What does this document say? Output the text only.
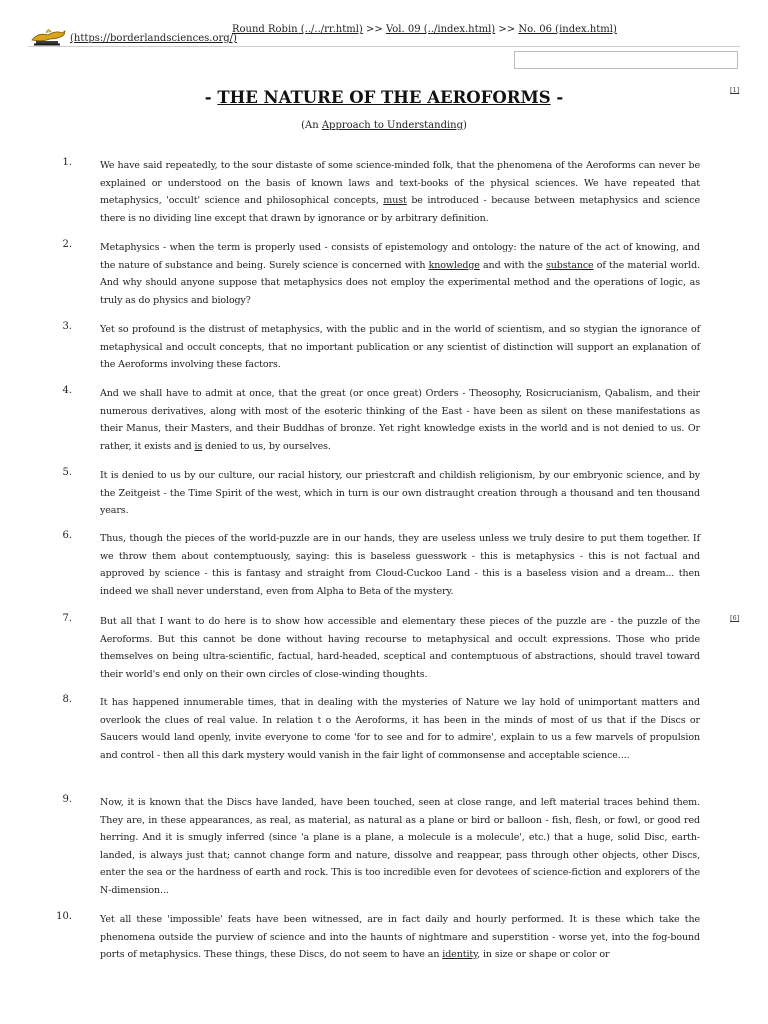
(https://borderlandsciences.org/)
Round Robin (../../rr.html) >> Vol. 09 (../index.html) >> No. 06 (index.html)
[1]
[6]
- THE NATURE OF THE AEROFORMS -
(An Approach to Understanding)
1.	We have said repeatedly, to the sour distaste of some science-minded folk, that the phenomena of the Aeroforms can never be explained or understood on the basis of known laws and text-books of the physical sciences. We have repeated that metaphysics, 'occult' science and philosophical concepts, must be introduced - because between metaphysics and science there is no dividing line except that drawn by ignorance or by arbitrary definition.
2.	Metaphysics - when the term is properly used - consists of epistemology and ontology: the nature of the act of knowing, and the nature of substance and being. Surely science is concerned with knowledge and with the substance of the material world. And why should anyone suppose that metaphysics does not employ the experimental method and the operations of logic, as truly as do physics and biology?
3.	Yet so profound is the distrust of metaphysics, with the public and in the world of scientism, and so stygian the ignorance of metaphysical and occult concepts, that no important publication or any scientist of distinction will support an explanation of the Aeroforms involving these factors.
4.	And we shall have to admit at once, that the great (or once great) Orders - Theosophy, Rosicrucianism, Qabalism, and their numerous derivatives, along with most of the esoteric thinking of the East - have been as silent on these manifestations as their Manus, their Masters, and their Buddhas of bronze. Yet right knowledge exists in the world and is not denied to us. Or rather, it exists and is denied to us, by ourselves.
5.	It is denied to us by our culture, our racial history, our priestcraft and childish religionism, by our embryonic science, and by the Zeitgeist - the Time Spirit of the west, which in turn is our own distraught creation through a thousand and ten thousand years.
6.	Thus, though the pieces of the world-puzzle are in our hands, they are useless unless we truly desire to put them together. If we throw them about contemptuously, saying: this is baseless guesswork - this is metaphysics - this is not factual and approved by science - this is fantasy and straight from Cloud-Cuckoo Land - this is a baseless vision and a dream... then indeed we shall never understand, even from Alpha to Beta of the mystery.
7.	But all that I want to do here is to show how accessible and elementary these pieces of the puzzle are - the puzzle of the Aeroforms. But this cannot be done without having recourse to metaphysical and occult expressions. Those who pride themselves on being ultra-scientific, factual, hard-headed, sceptical and contemptuous of abstractions, should travel toward their world's end only on their own circles of close-winding thoughts.
8.	It has happened innumerable times, that in dealing with the mysteries of Nature we lay hold of unimportant matters and overlook the clues of real value. In relation t o the Aeroforms, it has been in the minds of most of us that if the Discs or Saucers would land openly, invite everyone to come 'for to see and for to admire', explain to us a few marvels of propulsion and control - then all this dark mystery would vanish in the fair light of commonsense and acceptable science....
9.	Now, it is known that the Discs have landed, have been touched, seen at close range, and left material traces behind them. They are, in these appearances, as real, as material, as natural as a plane or bird or balloon - fish, flesh, or fowl, or good red herring. And it is smugly inferred (since 'a plane is a plane, a molecule is a molecule', etc.) that a huge, solid Disc, earth-landed, is always just that; cannot change form and nature, dissolve and reappear, pass through other objects, other Discs, enter the sea or the hardness of earth and rock. This is too incredible even for devotees of science-fiction and explorers of the N-dimension...
10.	Yet all these 'impossible' feats have been witnessed, are in fact daily and hourly performed. It is these which take the phenomena outside the purview of science and into the haunts of nightmare and superstition - worse yet, into the fog-bound ports of metaphysics. These things, these Discs, do not seem to have an identity, in size or shape or color or
